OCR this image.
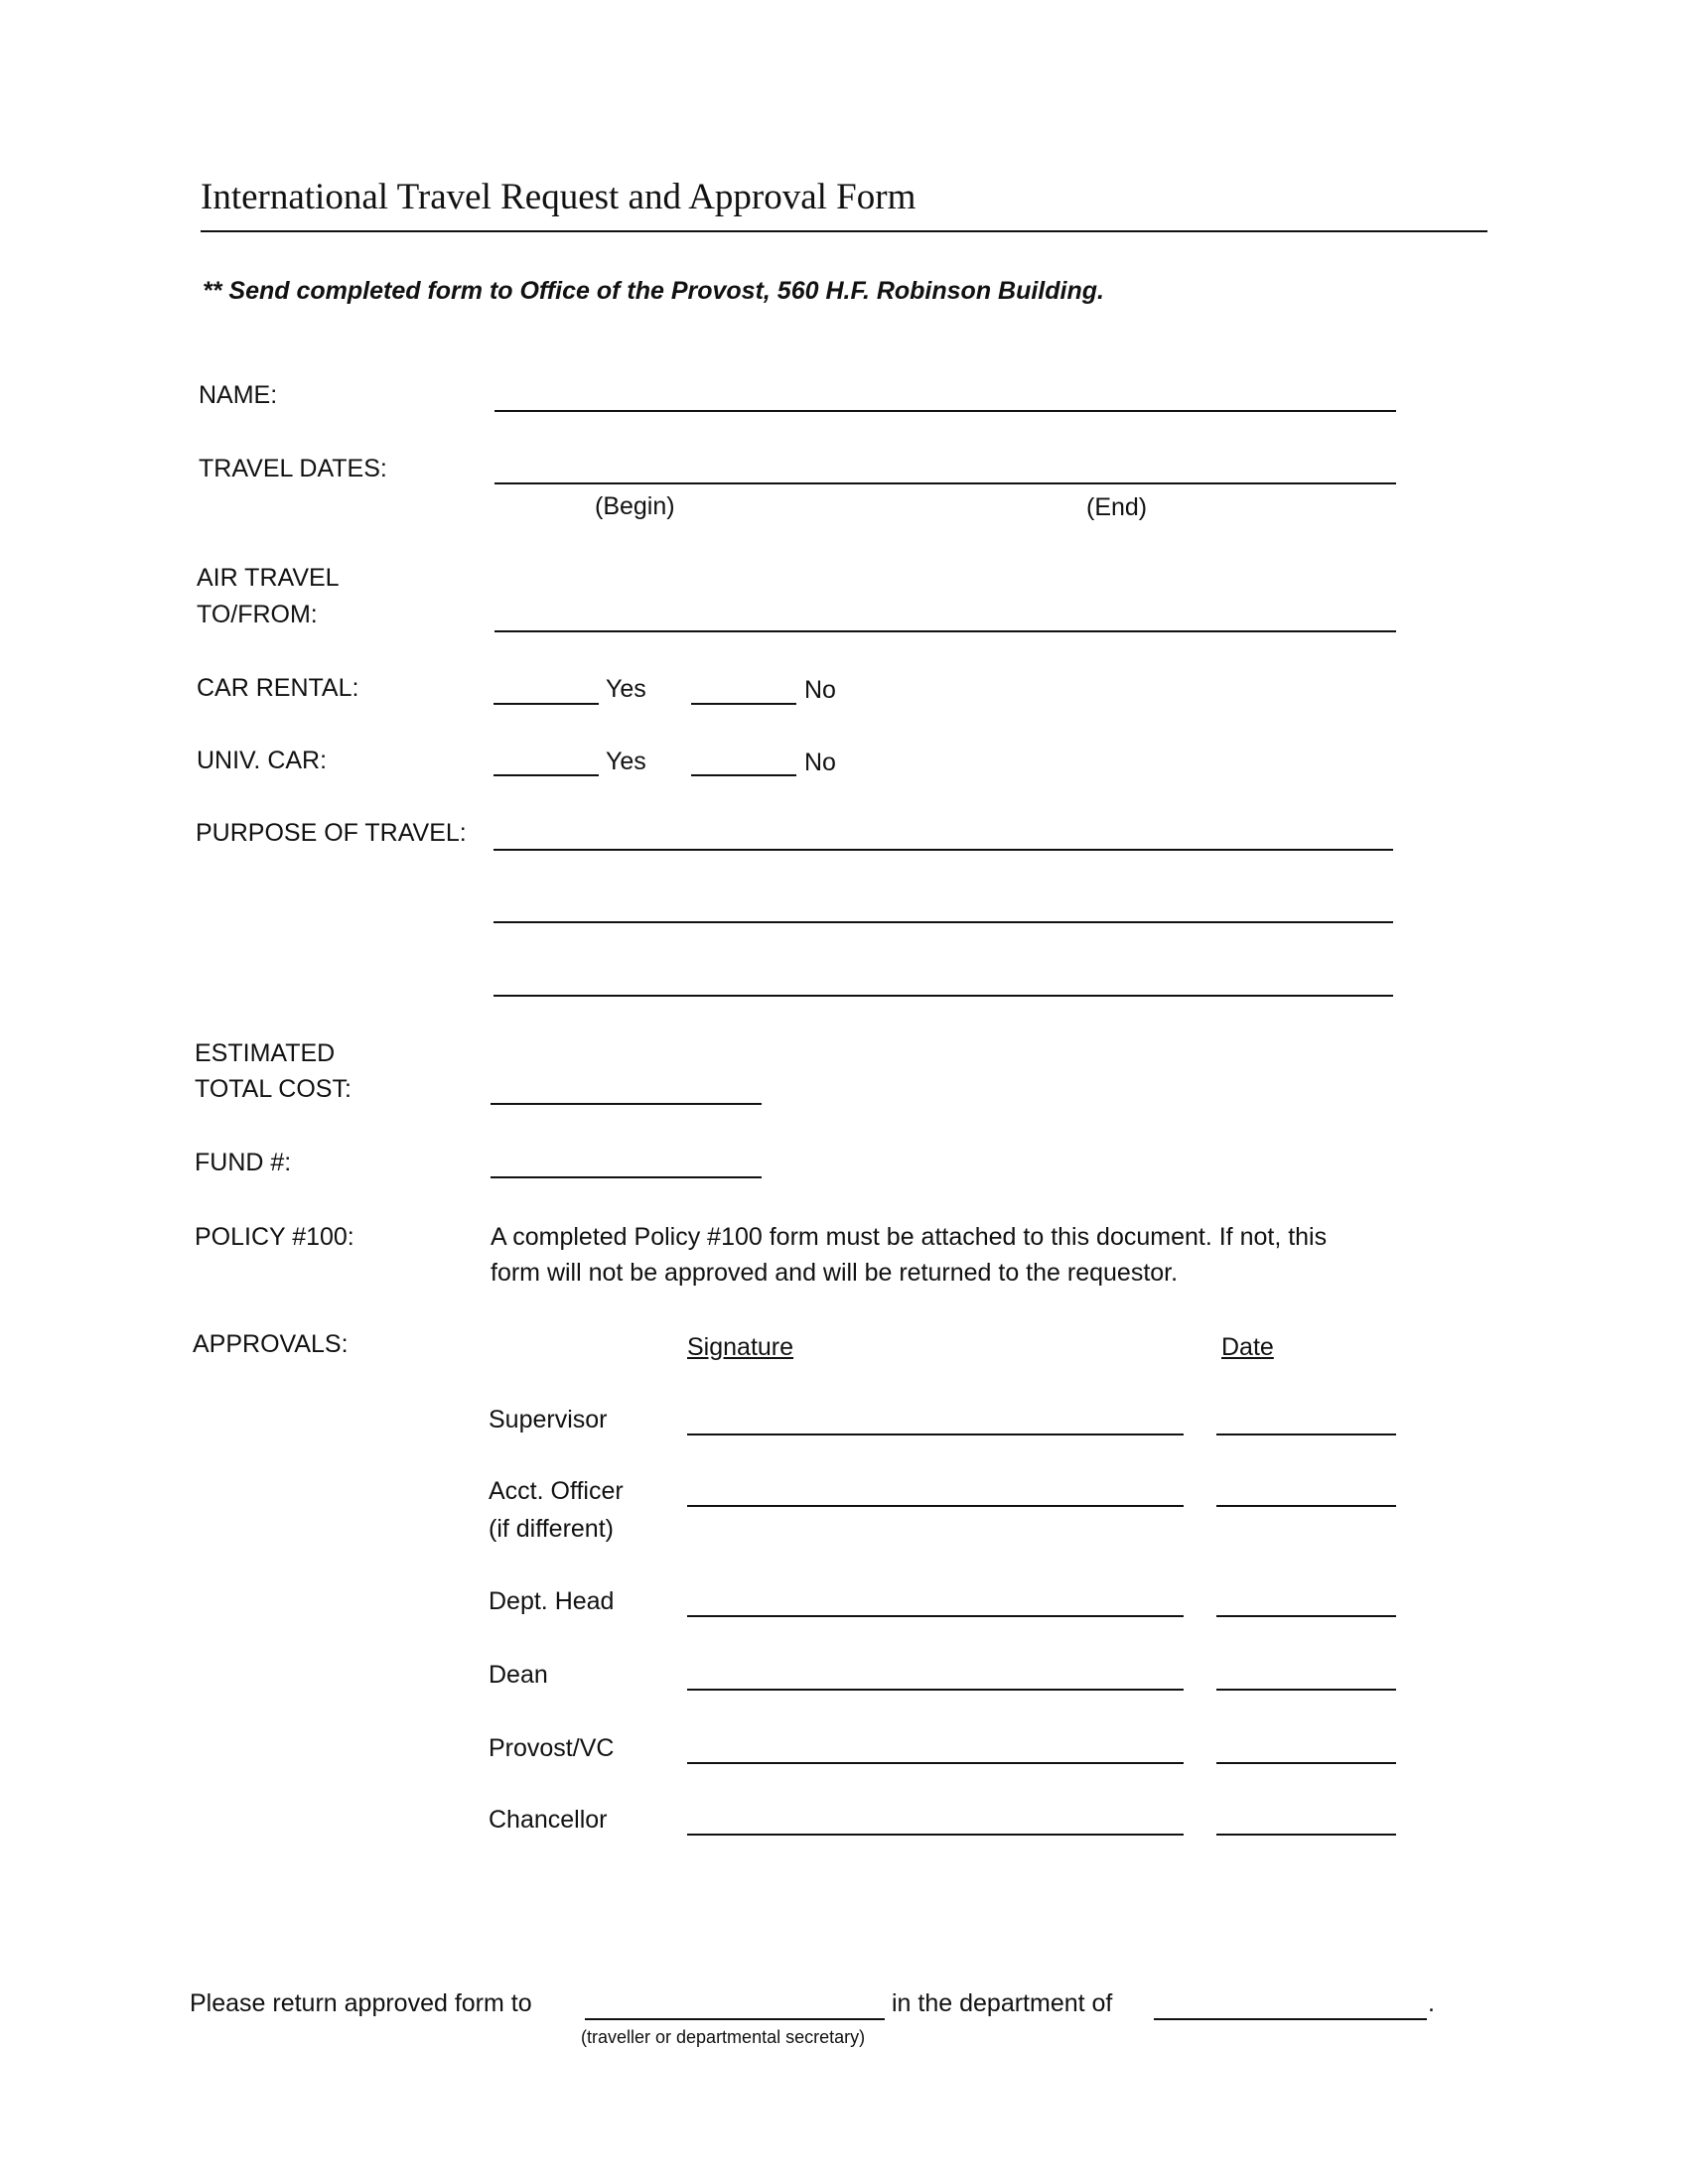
International Travel Request and Approval Form
** Send completed form to Office of the Provost, 560 H.F. Robinson Building.
NAME:
TRAVEL DATES:
(Begin)	(End)
AIR TRAVEL
TO/FROM:
CAR RENTAL:	Yes	No
UNIV. CAR:	Yes	No
PURPOSE OF TRAVEL:
ESTIMATED
TOTAL COST:
FUND #:
POLICY #100:	A completed Policy #100 form must be attached to this document. If not, this
form will not be approved and will be returned to the requestor.
APPROVALS:	Signature	Date
Supervisor
Acct. Officer
(if different)
Dept. Head
Dean
Provost/VC
Chancellor
Please return approved form to	in the department of	.
(traveller or departmental secretary)
